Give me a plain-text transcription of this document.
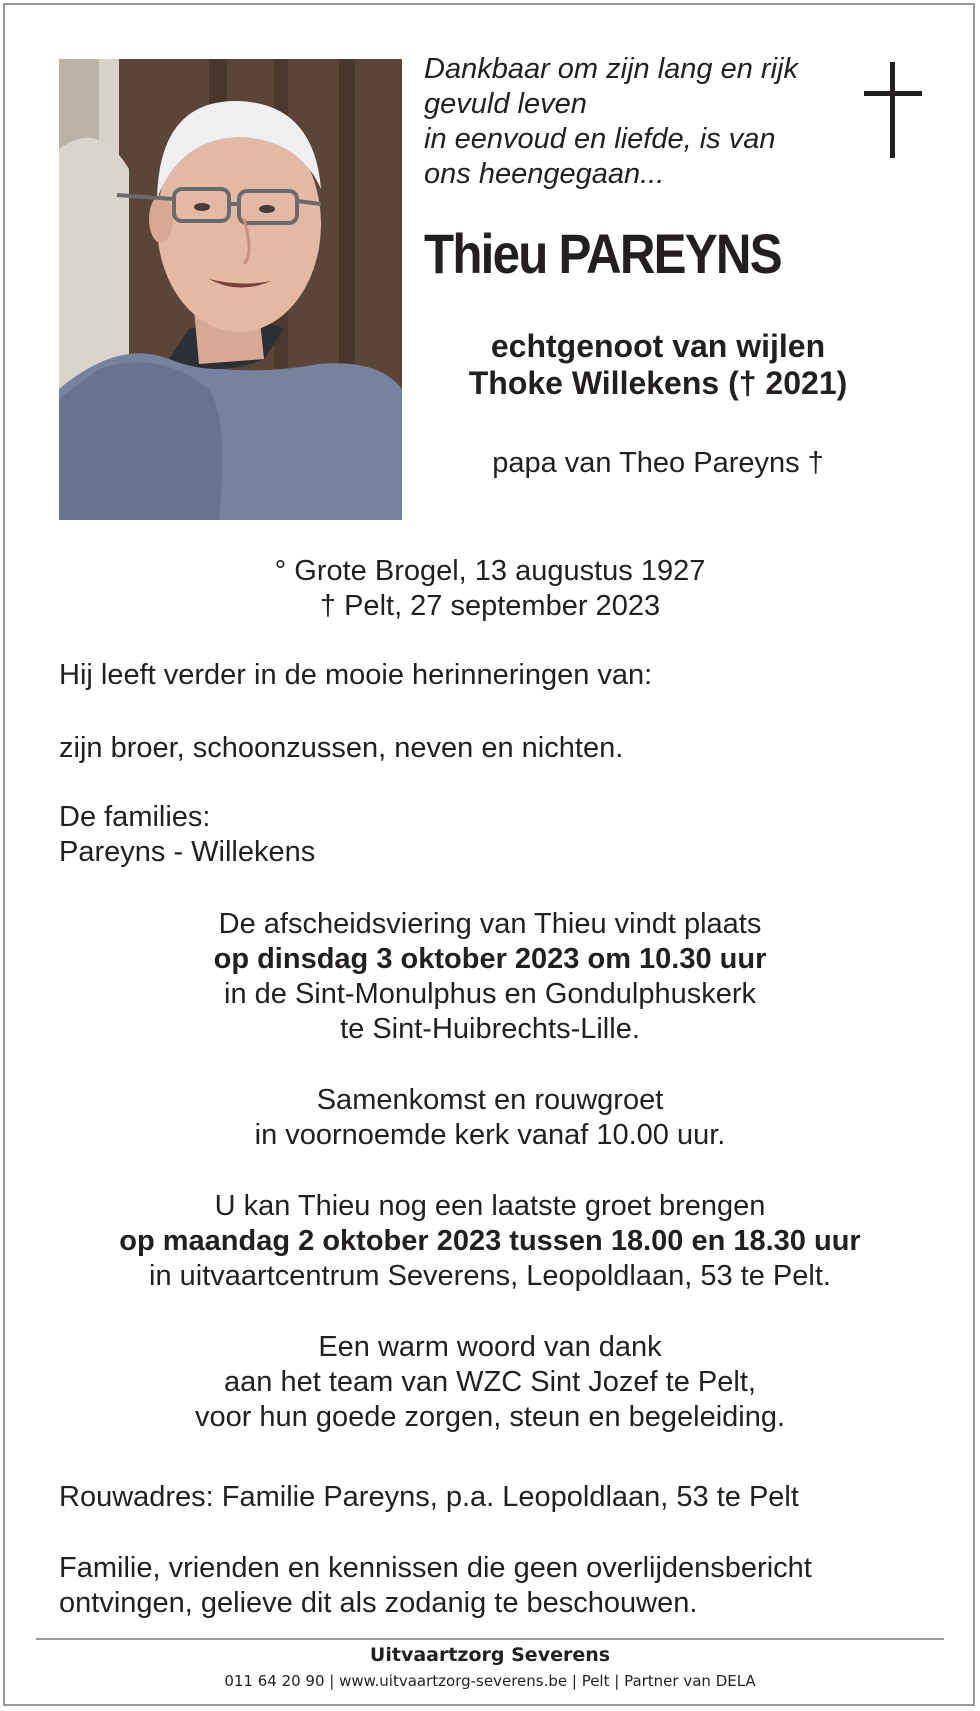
Dankbaar om zijn lang en rijk
gevuld leven
in eenvoud en liefde, is van
ons heengegaan...

Thieu PAREYNS

echtgenoot van wijlen
Thoke Willekens († 2021)

papa van Theo Pareyns †

° Grote Brogel, 13 augustus 1927
† Pelt, 27 september 2023

Hij leeft verder in de mooie herinneringen van:

zijn broer, schoonzussen, neven en nichten.

De families:
Pareyns - Willekens

De afscheidsviering van Thieu vindt plaats
op dinsdag 3 oktober 2023 om 10.30 uur
in de Sint-Monulphus en Gondulphuskerk
te Sint-Huibrechts-Lille.

Samenkomst en rouwgroet
in voornoemde kerk vanaf 10.00 uur.

U kan Thieu nog een laatste groet brengen
op maandag 2 oktober 2023 tussen 18.00 en 18.30 uur
in uitvaartcentrum Severens, Leopoldlaan, 53 te Pelt.

Een warm woord van dank
aan het team van WZC Sint Jozef te Pelt,
voor hun goede zorgen, steun en begeleiding.

Rouwadres: Familie Pareyns, p.a. Leopoldlaan, 53 te Pelt

Familie, vrienden en kennissen die geen overlijdensbericht
ontvingen, gelieve dit als zodanig te beschouwen.

Uitvaartzorg Severens

011 64 20 90 | www.uitvaartzorg-severens.be | Pelt | Partner van DELA
